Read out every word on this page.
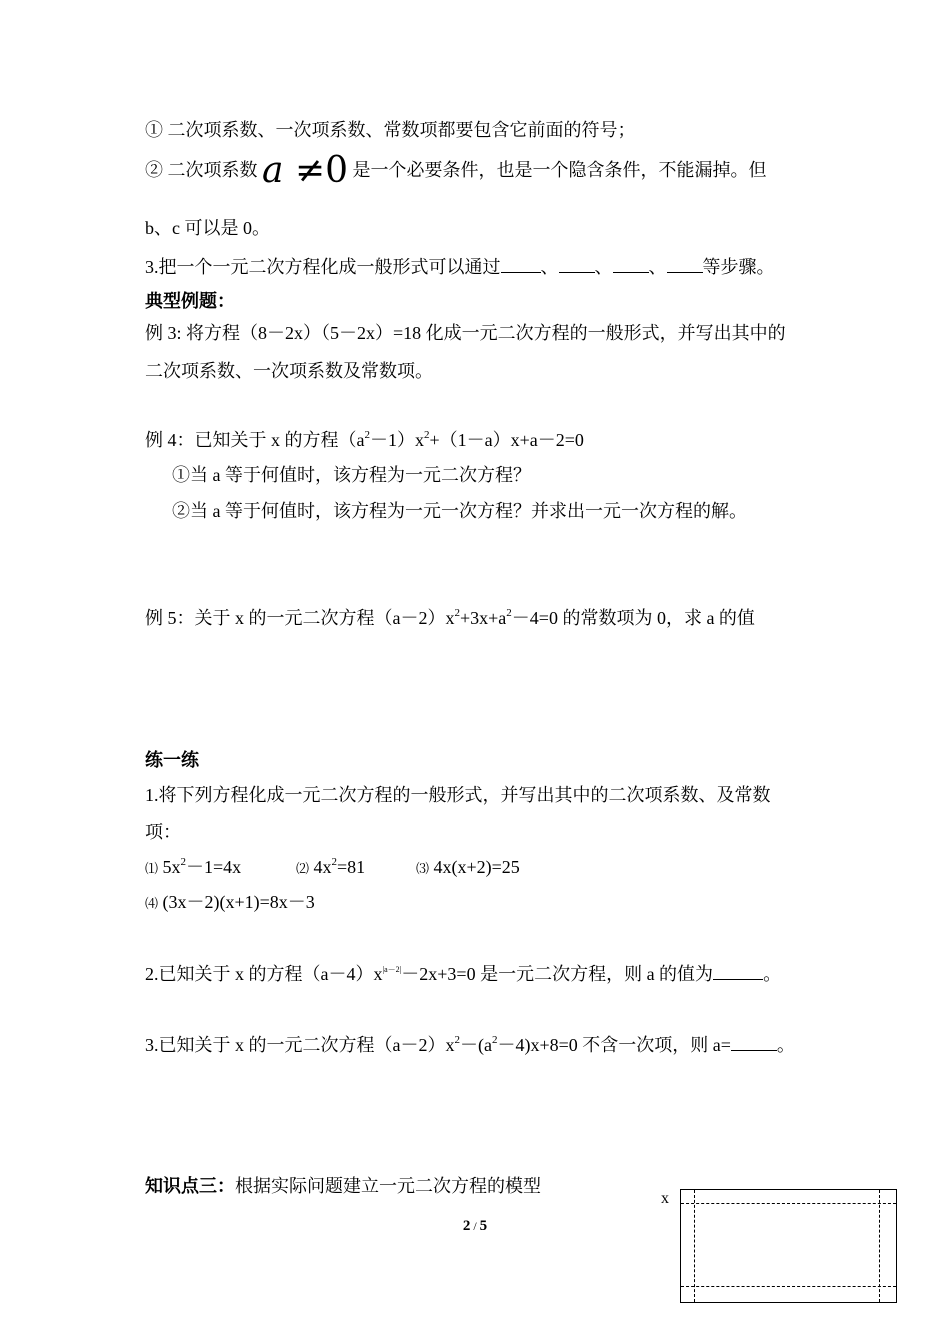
① 二次项系数、一次项系数、常数项都要包含它前面的符号；
② 二次项系数 a ≠0 是一个必要条件，也是一个隐含条件，不能漏掉。但
b、c 可以是 0。
3.把一个一元二次方程化成一般形式可以通过 、 、 、 等步骤。
典型例题：
例 3: 将方程（8－2x）（5－2x）=18 化成一元二次方程的一般形式，并写出其中的
二次项系数、一次项系数及常数项。
例 4：已知关于 x 的方程$(a^2-1)x^2+(1-a)x+a-2=0$
①当 a 等于何值时，该方程为一元二次方程？
②当 a 等于何值时，该方程为一元一次方程？并求出一元一次方程的解。
例 5：关于 x 的一元二次方程$(a-2)x^2+3x+a^2-4=0$ 的常数项为 0，求 a 的值
练一练
1.将下列方程化成一元二次方程的一般形式，并写出其中的二次项系数、及常数
项：
⑴ $5x^2-1=4x$	⑵ $4x^2=81$	⑶ 4x(x+2)=25
⑷ (3x－2)(x+1)=8x－3
2.已知关于 x 的方程$(a-4)x^{|a-2|}-2x+3=0$ 是一元二次方程，则 a 的值为	。
3.已知关于 x 的一元二次方程$(a-2)x^2-(a^2-4)x+8=0$ 不含一次项，则 a=	。
知识点三：根据实际问题建立一元二次方程的模型
x
2 / 5
